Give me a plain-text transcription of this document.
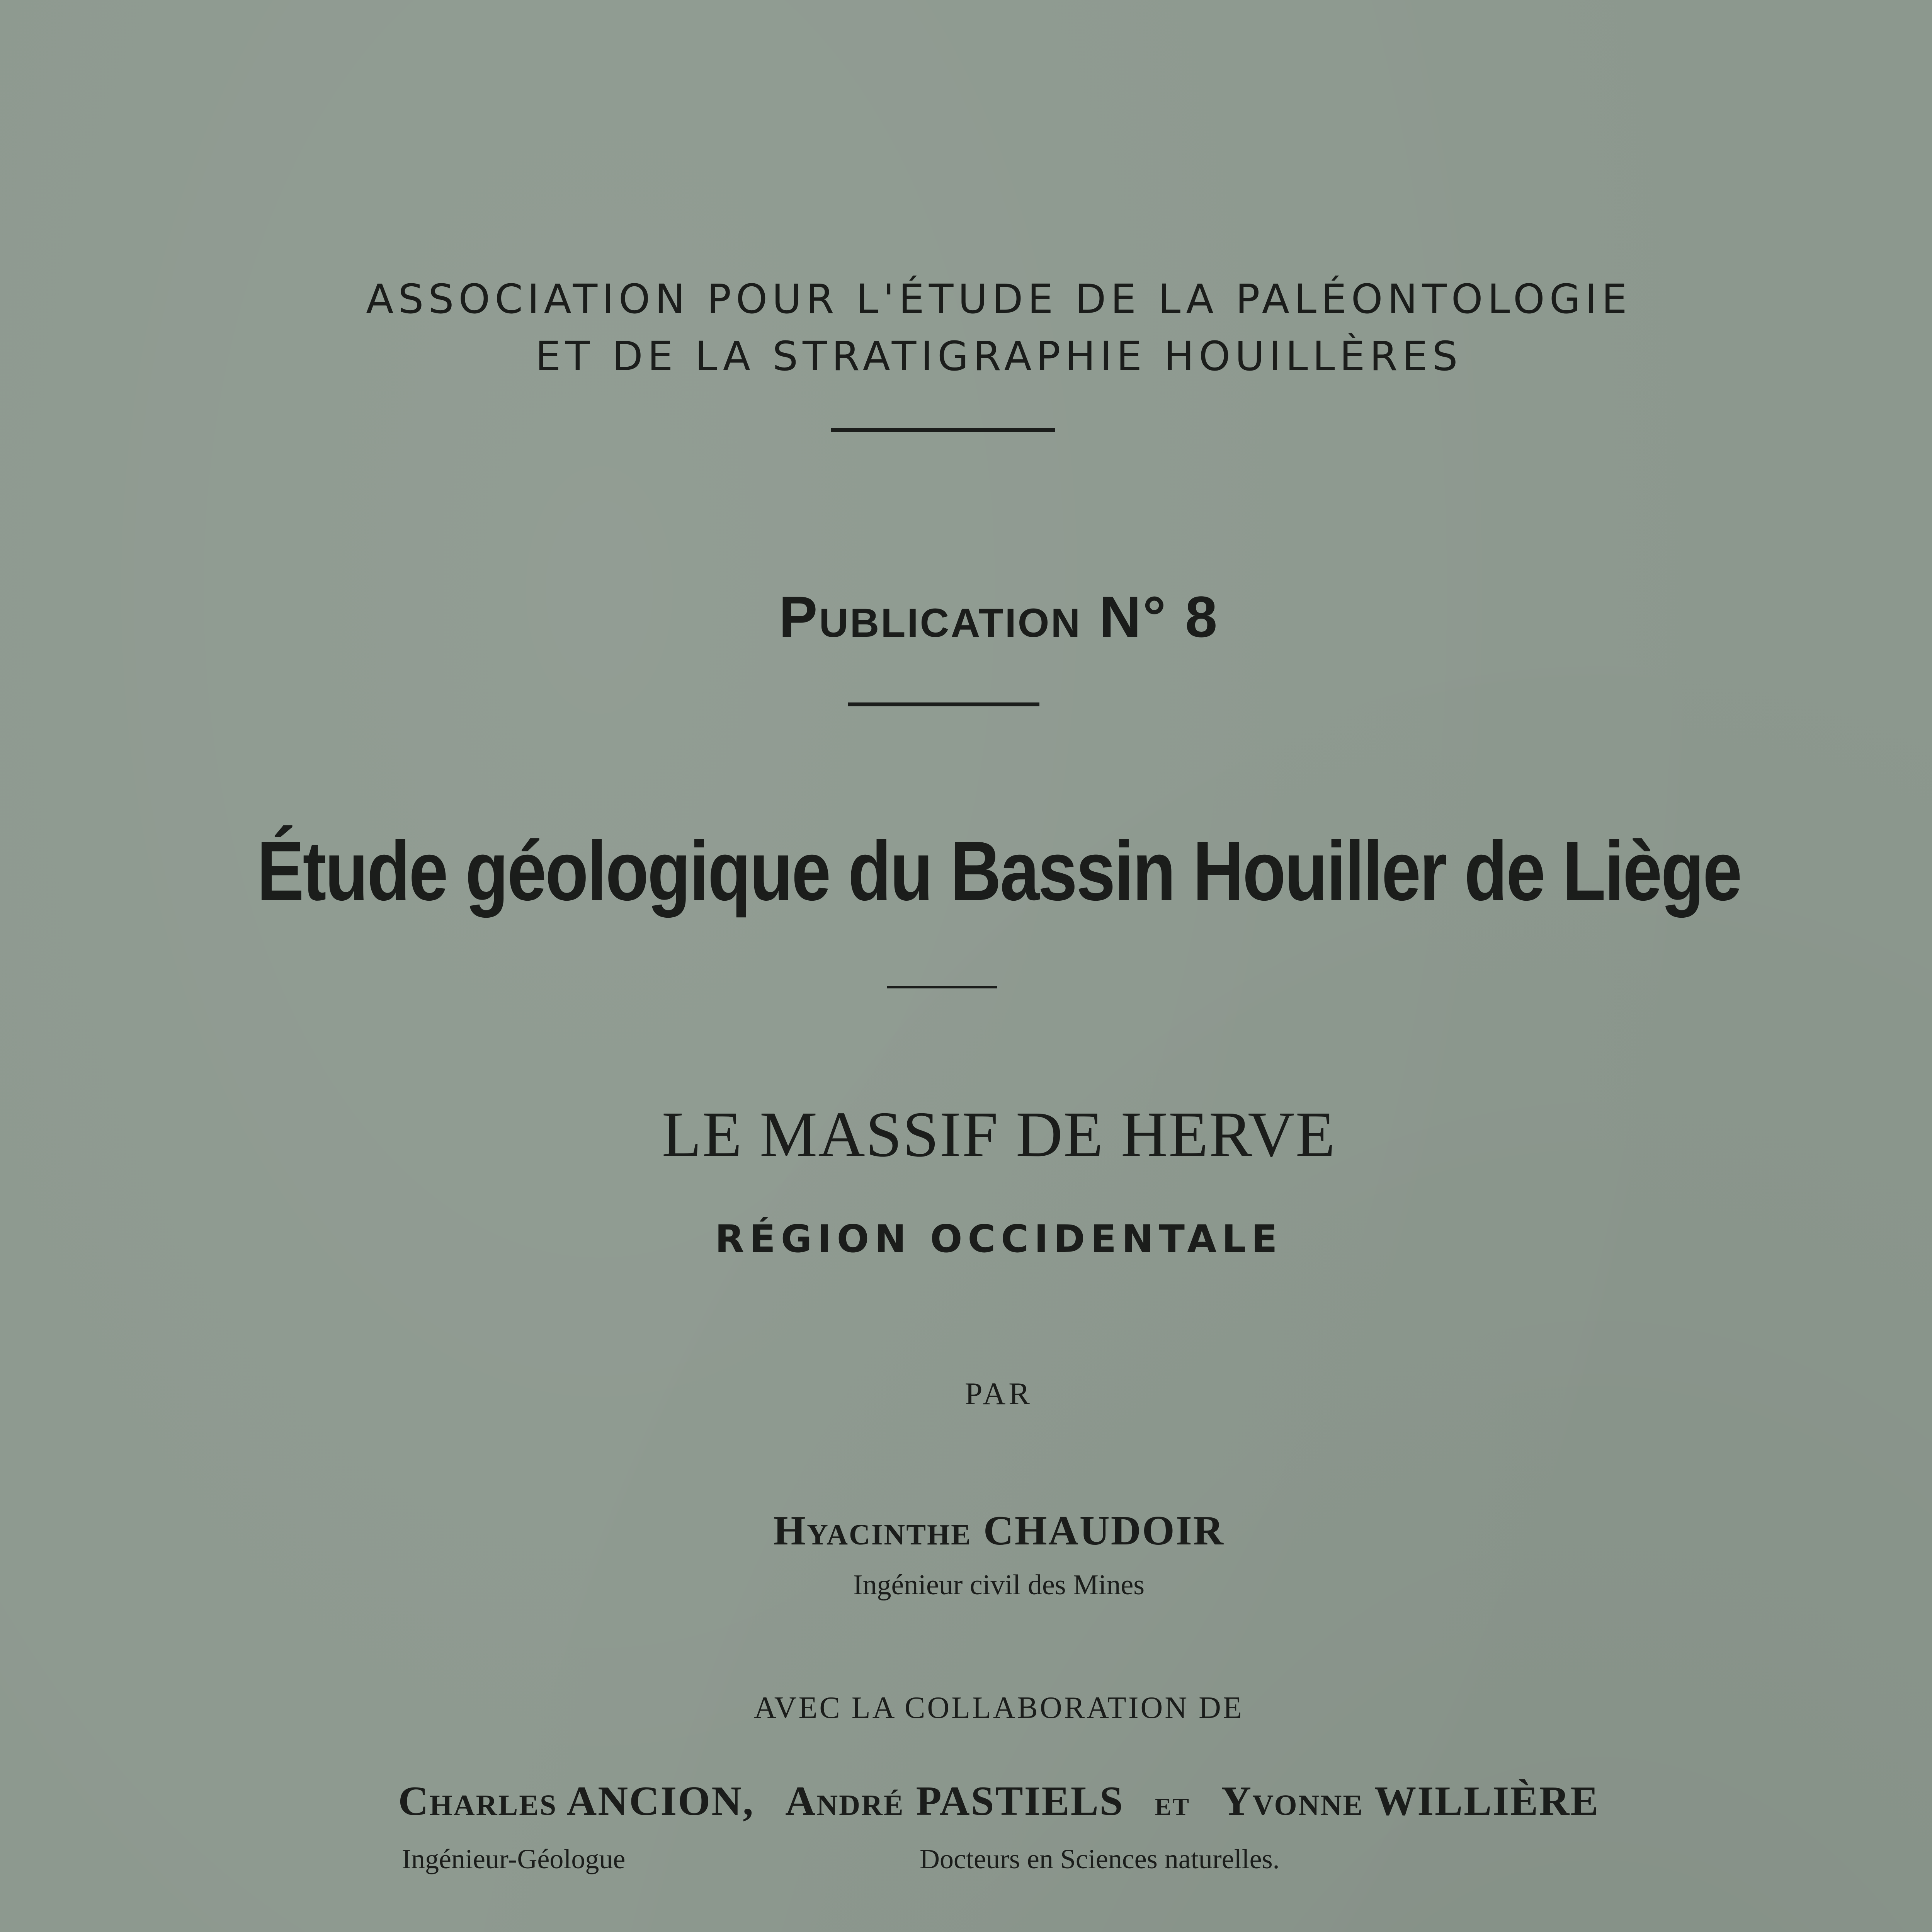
ASSOCIATION POUR L'ÉTUDE DE LA PALÉONTOLOGIE
ET DE LA STRATIGRAPHIE HOUILLÈRES
Publication N° 8
Étude géologique du Bassin Houiller de Liège
LE MASSIF DE HERVE
RÉGION OCCIDENTALE
PAR
Hyacinthe CHAUDOIR
Ingénieur civil des Mines
AVEC LA COLLABORATION DE
Charles ANCION, André PASTIELS et Yvonne WILLIÈRE
Ingénieur-Géologue	Docteurs en Sciences naturelles.
